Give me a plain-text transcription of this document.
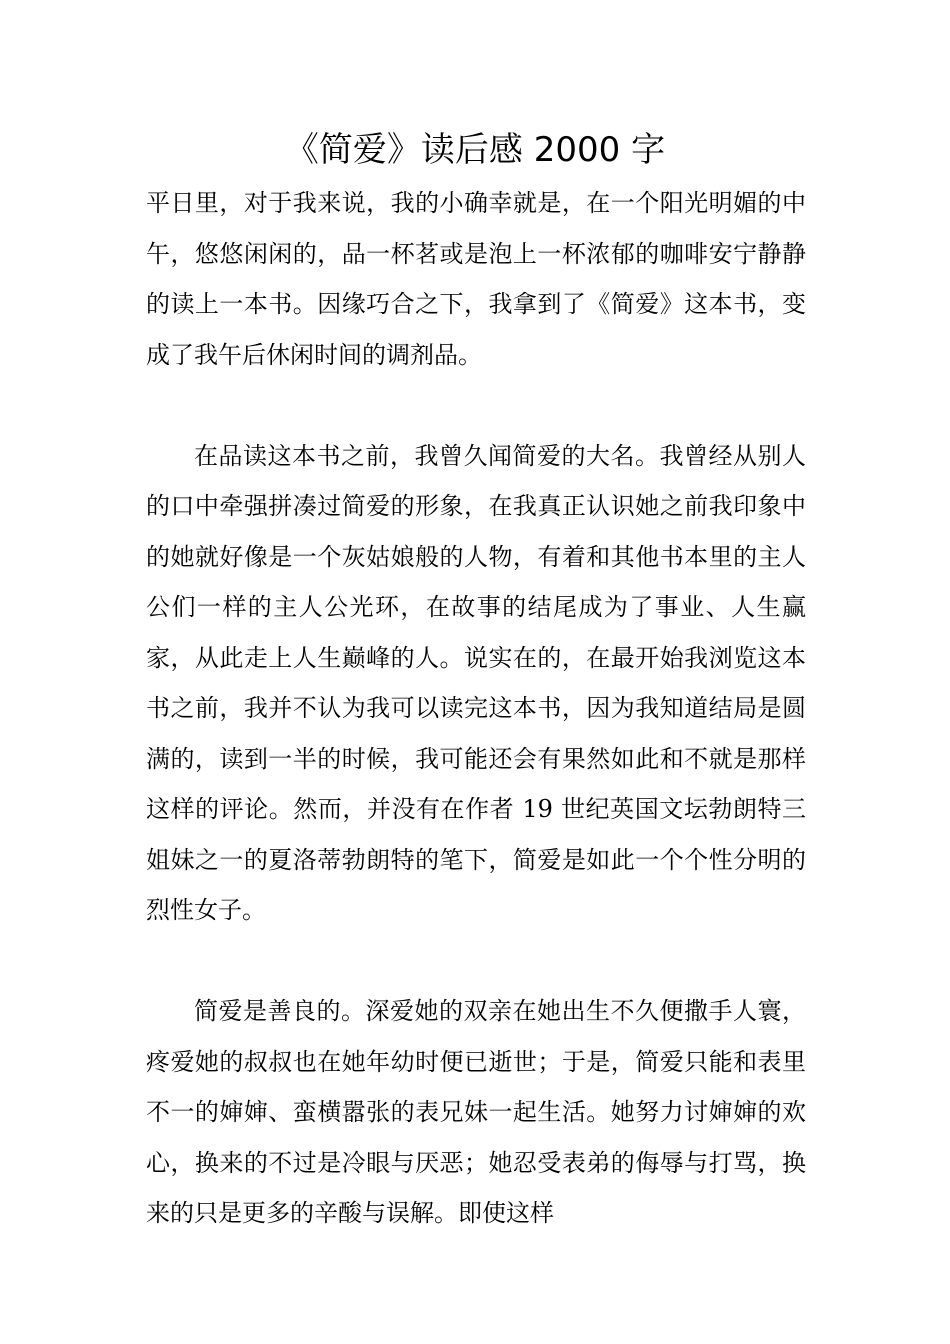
《简爱》读后感 2000 字

平日里，对于我来说，我的小确幸就是，在一个阳光明媚的中午，悠悠闲闲的，品一杯茗或是泡上一杯浓郁的咖啡安宁静静的读上一本书。因缘巧合之下，我拿到了《简爱》这本书，变成了我午后休闲时间的调剂品。

在品读这本书之前，我曾久闻简爱的大名。我曾经从别人的口中牵强拼凑过简爱的形象，在我真正认识她之前我印象中的她就好像是一个灰姑娘般的人物，有着和其他书本里的主人公们一样的主人公光环，在故事的结尾成为了事业、人生赢家，从此走上人生巅峰的人。说实在的，在最开始我浏览这本书之前，我并不认为我可以读完这本书，因为我知道结局是圆满的，读到一半的时候，我可能还会有果然如此和不就是那样这样的评论。然而，并没有在作者 19 世纪英国文坛勃朗特三姐妹之一的夏洛蒂勃朗特的笔下，简爱是如此一个个性分明的烈性女子。

简爱是善良的。深爱她的双亲在她出生不久便撒手人寰，疼爱她的叔叔也在她年幼时便已逝世；于是，简爱只能和表里不一的婶婶、蛮横嚣张的表兄妹一起生活。她努力讨婶婶的欢心，换来的不过是冷眼与厌恶；她忍受表弟的侮辱与打骂，换来的只是更多的辛酸与误解。即使这样
